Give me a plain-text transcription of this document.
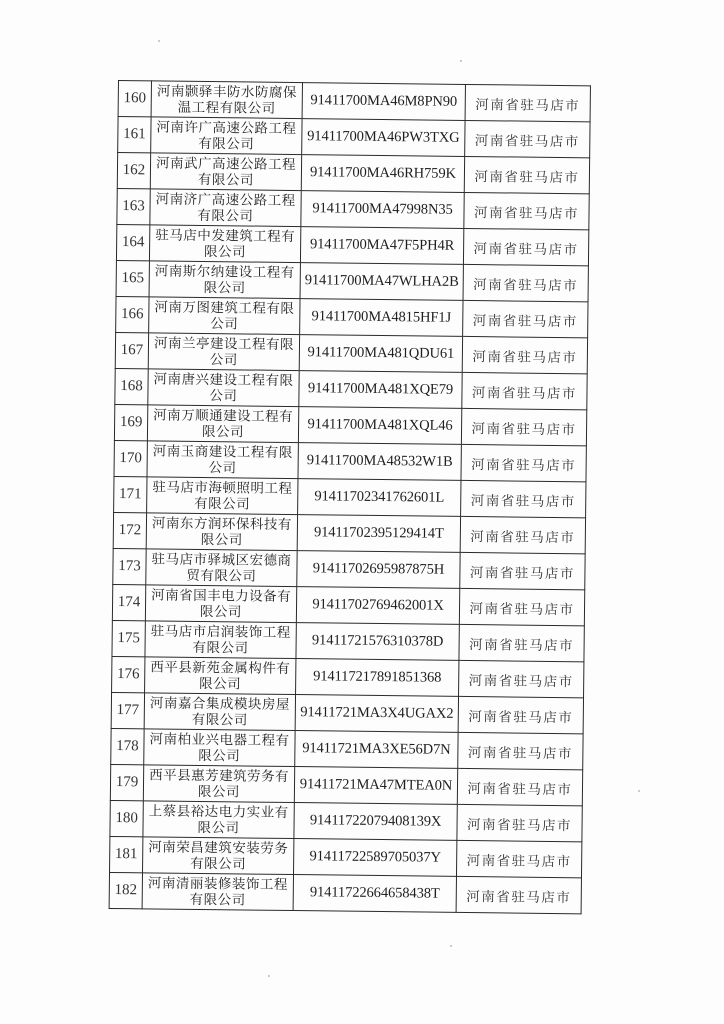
160	河南颢驿丰防水防腐保温工程有限公司	91411700MA46M8PN90	河南省驻马店市
161	河南许广高速公路工程有限公司	91411700MA46PW3TXG	河南省驻马店市
162	河南武广高速公路工程有限公司	91411700MA46RH759K	河南省驻马店市
163	河南济广高速公路工程有限公司	91411700MA47998N35	河南省驻马店市
164	驻马店中发建筑工程有限公司	91411700MA47F5PH4R	河南省驻马店市
165	河南斯尔纳建设工程有限公司	91411700MA47WLHA2B	河南省驻马店市
166	河南万图建筑工程有限公司	91411700MA4815HF1J	河南省驻马店市
167	河南兰亭建设工程有限公司	91411700MA481QDU61	河南省驻马店市
168	河南唐兴建设工程有限公司	91411700MA481XQE79	河南省驻马店市
169	河南万顺通建设工程有限公司	91411700MA481XQL46	河南省驻马店市
170	河南玉商建设工程有限公司	91411700MA48532W1B	河南省驻马店市
171	驻马店市海顿照明工程有限公司	91411702341762601L	河南省驻马店市
172	河南东方润环保科技有限公司	91411702395129414T	河南省驻马店市
173	驻马店市驿城区宏德商贸有限公司	91411702695987875H	河南省驻马店市
174	河南省国丰电力设备有限公司	91411702769462001X	河南省驻马店市
175	驻马店市启润装饰工程有限公司	91411721576310378D	河南省驻马店市
176	西平县新苑金属构件有限公司	914117217891851368	河南省驻马店市
177	河南嘉合集成模块房屋有限公司	91411721MA3X4UGAX2	河南省驻马店市
178	河南柏业兴电器工程有限公司	91411721MA3XE56D7N	河南省驻马店市
179	西平县惠芳建筑劳务有限公司	91411721MA47MTEA0N	河南省驻马店市
180	上蔡县裕达电力实业有限公司	91411722079408139X	河南省驻马店市
181	河南荣昌建筑安装劳务有限公司	91411722589705037Y	河南省驻马店市
182	河南清丽装修装饰工程有限公司	91411722664658438T	河南省驻马店市
